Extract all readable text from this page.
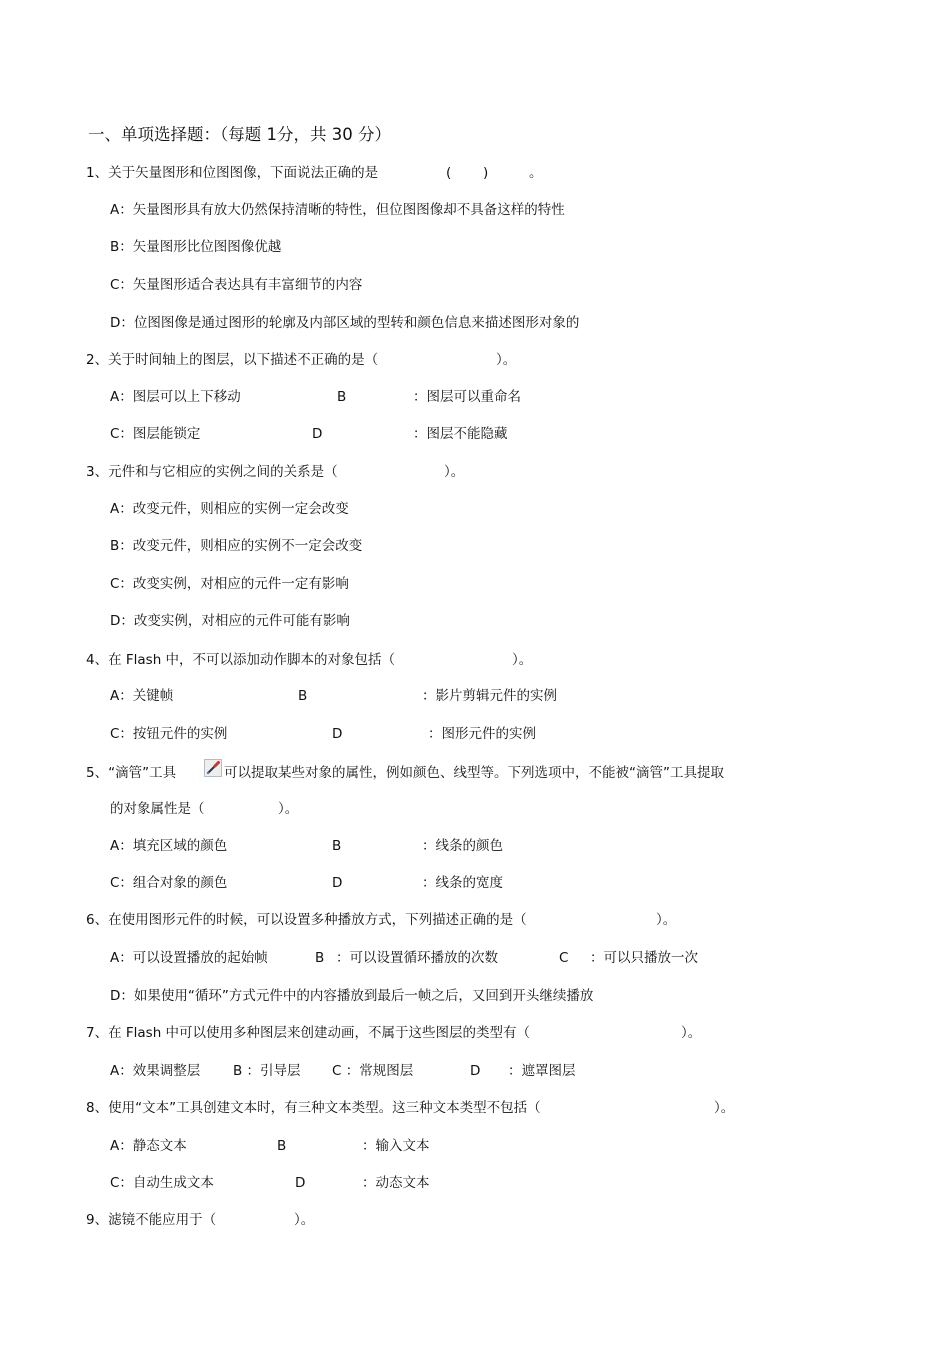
一、单项选择题：（每题 1分，共 30 分）
1、关于矢量图形和位图图像，下面说法正确的是	( )	。
A：矢量图形具有放大仍然保持清晰的特性，但位图图像却不具备这样的特性
B：矢量图形比位图图像优越
C：矢量图形适合表达具有丰富细节的内容
D：位图图像是通过图形的轮廓及内部区域的型转和颜色信息来描述图形对象的
2、关于时间轴上的图层，以下描述不正确的是（	）。
A：图层可以上下移动	B	：图层可以重命名
C：图层能锁定	D	：图层不能隐藏
3、元件和与它相应的实例之间的关系是（	）。
A：改变元件，则相应的实例一定会改变
B：改变元件，则相应的实例不一定会改变
C：改变实例，对相应的元件一定有影响
D：改变实例，对相应的元件可能有影响
4、在 Flash 中，不可以添加动作脚本的对象包括（	）。
A：关键帧	B	：影片剪辑元件的实例
C：按钮元件的实例	D	：图形元件的实例
5、“滴管”工具	可以提取某些对象的属性，例如颜色、线型等。下列选项中，不能被“滴管”工具提取
的对象属性是（	）。
A：填充区域的颜色	B	：线条的颜色
C：组合对象的颜色	D	：线条的宽度
6、在使用图形元件的时候，可以设置多种播放方式，下列描述正确的是（	）。
A：可以设置播放的起始帧	B ：可以设置循环播放的次数	C ：可以只播放一次
D：如果使用“循环”方式元件中的内容播放到最后一帧之后，又回到开头继续播放
7、在 Flash 中可以使用多种图层来创建动画，不属于这些图层的类型有（	）。
A：效果调整层 B ：引导层 C ：常规图层	D ：遮罩图层
8、使用“文本”工具创建文本时，有三种文本类型。这三种文本类型不包括（	）。
A：静态文本	B	：输入文本
C：自动生成文本	D	：动态文本
9、滤镜不能应用于（	）。
